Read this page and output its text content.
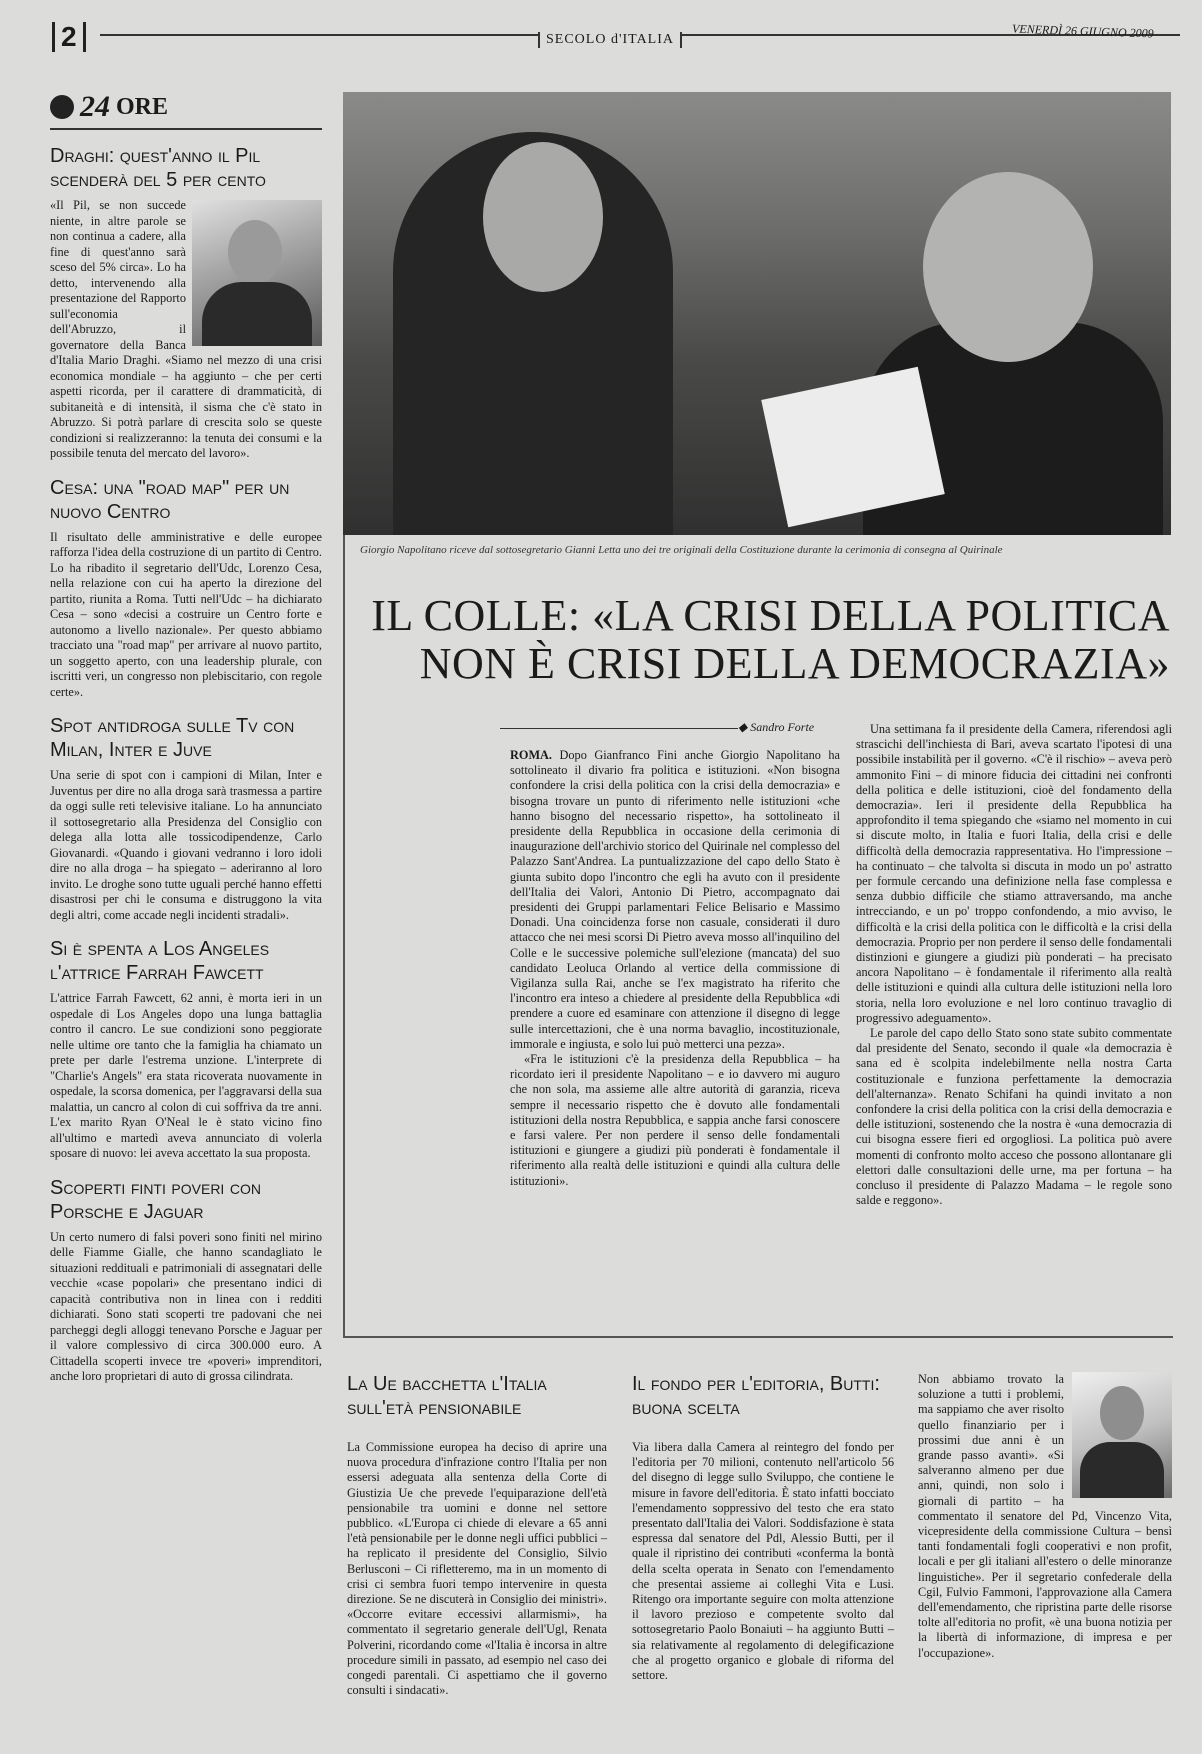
2	SECOLO d'ITALIA	VENERDÌ 26 GIUGNO 2009
24 ORE
Draghi: quest'anno il Pil scenderà del 5 per cento
«Il Pil, se non succede niente, in altre parole se non continua a cadere, alla fine di quest'anno sarà sceso del 5% circa». Lo ha detto, intervenendo alla presentazione del Rapporto sull'economia dell'Abruzzo, il governatore della Banca d'Italia Mario Draghi. «Siamo nel mezzo di una crisi economica mondiale – ha aggiunto – che per certi aspetti ricorda, per il carattere di drammaticità, di subitaneità e di intensità, il sisma che c'è stato in Abruzzo. Si potrà parlare di crescita solo se queste condizioni si realizzeranno: la tenuta dei consumi e la possibile tenuta del mercato del lavoro».
Cesa: una "road map" per un nuovo Centro
Il risultato delle amministrative e delle europee rafforza l'idea della costruzione di un partito di Centro. Lo ha ribadito il segretario dell'Udc, Lorenzo Cesa, nella relazione con cui ha aperto la direzione del partito, riunita a Roma. Tutti nell'Udc – ha dichiarato Cesa – sono «decisi a costruire un Centro forte e autonomo a livello nazionale». Per questo abbiamo tracciato una "road map" per arrivare al nuovo partito, un soggetto aperto, con una leadership plurale, con iscritti veri, un congresso non plebiscitario, con regole certe».
Spot antidroga sulle Tv con Milan, Inter e Juve
Una serie di spot con i campioni di Milan, Inter e Juventus per dire no alla droga sarà trasmessa a partire da oggi sulle reti televisive italiane. Lo ha annunciato il sottosegretario alla Presidenza del Consiglio con delega alla lotta alle tossicodipendenze, Carlo Giovanardi. «Quando i giovani vedranno i loro idoli dire no alla droga – ha spiegato – aderiranno al loro invito. Le droghe sono tutte uguali perché hanno effetti disastrosi per chi le consuma e distruggono la vita degli altri, come accade negli incidenti stradali».
Si è spenta a Los Angeles l'attrice Farrah Fawcett
L'attrice Farrah Fawcett, 62 anni, è morta ieri in un ospedale di Los Angeles dopo una lunga battaglia contro il cancro. Le sue condizioni sono peggiorate nelle ultime ore tanto che la famiglia ha chiamato un prete per darle l'estrema unzione. L'interprete di "Charlie's Angels" era stata ricoverata nuovamente in ospedale, la scorsa domenica, per l'aggravarsi della sua malattia, un cancro al colon di cui soffriva da tre anni. L'ex marito Ryan O'Neal le è stato vicino fino all'ultimo e martedì aveva annunciato di volerla sposare di nuovo: lei aveva accettato la sua proposta.
Scoperti finti poveri con Porsche e Jaguar
Un certo numero di falsi poveri sono finiti nel mirino delle Fiamme Gialle, che hanno scandagliato le situazioni reddituali e patrimoniali di assegnatari delle vecchie «case popolari» che presentano indici di capacità contributiva non in linea con i redditi dichiarati. Sono stati scoperti tre padovani che nei parcheggi degli alloggi tenevano Porsche e Jaguar per il valore complessivo di circa 300.000 euro. A Cittadella scoperti invece tre «poveri» imprenditori, anche loro proprietari di auto di grossa cilindrata.
Giorgio Napolitano riceve dal sottosegretario Gianni Letta uno dei tre originali della Costituzione durante la cerimonia di consegna al Quirinale
IL COLLE: «LA CRISI DELLA POLITICA
NON È CRISI DELLA DEMOCRAZIA»
◆ Sandro Forte

ROMA. Dopo Gianfranco Fini anche Giorgio Napolitano ha sottolineato il divario fra politica e istituzioni. «Non bisogna confondere la crisi della politica con la crisi della democrazia» e bisogna trovare un punto di riferimento nelle istituzioni «che hanno bisogno del necessario rispetto», ha sottolineato il presidente della Repubblica in occasione della cerimonia di inaugurazione dell'archivio storico del Quirinale nel complesso del Palazzo Sant'Andrea. La puntualizzazione del capo dello Stato è giunta subito dopo l'incontro che egli ha avuto con il presidente dell'Italia dei Valori, Antonio Di Pietro, accompagnato dai presidenti dei Gruppi parlamentari Felice Belisario e Massimo Donadi. Una coincidenza forse non casuale, considerati il duro attacco che nei mesi scorsi Di Pietro aveva mosso all'inquilino del Colle e le successive polemiche sull'elezione (mancata) del suo candidato Leoluca Orlando al vertice della commissione di Vigilanza sulla Rai, anche se l'ex magistrato ha riferito che l'incontro era inteso a chiedere al presidente della Repubblica «di prendere a cuore ed esaminare con attenzione il disegno di legge sulle intercettazioni, che è una norma bavaglio, incostituzionale, immorale e ingiusta, e solo lui può metterci una pezza».

«Fra le istituzioni c'è la presidenza della Repubblica – ha ricordato ieri il presidente Napolitano – e io davvero mi auguro che non sola, ma assieme alle altre autorità di garanzia, riceva sempre il necessario rispetto che è dovuto alle fondamentali istituzioni della nostra Repubblica, e sappia anche farsi conoscere e farsi valere. Per non perdere il senso delle fondamentali istituzioni e giungere a giudizi più ponderati è fondamentale il riferimento alla realtà delle istituzioni e quindi alla cultura delle istituzioni».

Una settimana fa il presidente della Camera, riferendosi agli strascichi dell'inchiesta di Bari, aveva scartato l'ipotesi di una possibile instabilità per il governo. «C'è il rischio» – aveva però ammonito Fini – di minore fiducia dei cittadini nei confronti della politica e delle istituzioni, cioè del fondamento della democrazia». Ieri il presidente della Repubblica ha approfondito il tema spiegando che «siamo nel momento in cui si discute molto, in Italia e fuori Italia, della crisi e delle difficoltà della democrazia rappresentativa. Ho l'impressione – ha continuato – che talvolta si discuta in modo un po' astratto per formule cercando una definizione nella fase complessa e senza dubbio difficile che stiamo attraversando, ma anche intrecciando, e un po' troppo confondendo, a mio avviso, le difficoltà e la crisi della politica con le difficoltà e la crisi della democrazia. Proprio per non perdere il senso delle fondamentali distinzioni e giungere a giudizi più ponderati – ha precisato ancora Napolitano – è fondamentale il riferimento alla realtà delle istituzioni e quindi alla cultura delle istituzioni nella loro storia, nella loro evoluzione e nel loro continuo travaglio di progressivo adeguamento».

Le parole del capo dello Stato sono state subito commentate dal presidente del Senato, secondo il quale «la democrazia è sana ed è scolpita indelebilmente nella nostra Carta costituzionale e funziona perfettamente la democrazia dell'alternanza». Renato Schifani ha quindi invitato a non confondere la crisi della politica con la crisi della democrazia e delle istituzioni, sostenendo che la nostra è «una democrazia di cui bisogna essere fieri ed orgogliosi. La politica può avere momenti di confronto molto acceso che possono allontanare gli elettori dalle consultazioni delle urne, ma per fortuna – ha concluso il presidente di Palazzo Madama – le regole sono salde e reggono».

La Ue bacchetta l'Italia sull'età pensionabile
La Commissione europea ha deciso di aprire una nuova procedura d'infrazione contro l'Italia per non essersi adeguata alla sentenza della Corte di Giustizia Ue che prevede l'equiparazione dell'età pensionabile tra uomini e donne nel settore pubblico. «L'Europa ci chiede di elevare a 65 anni l'età pensionabile per le donne negli uffici pubblici – ha replicato il presidente del Consiglio, Silvio Berlusconi – Ci rifletteremo, ma in un momento di crisi ci sembra fuori tempo intervenire in questa direzione. Se ne discuterà in Consiglio dei ministri». «Occorre evitare eccessivi allarmismi», ha commentato il segretario generale dell'Ugl, Renata Polverini, ricordando come «l'Italia è incorsa in altre procedure simili in passato, ad esempio nel caso dei congedi parentali. Ci aspettiamo che il governo consulti i sindacati».
Il fondo per l'editoria, Butti: buona scelta
Via libera dalla Camera al reintegro del fondo per l'editoria per 70 milioni, contenuto nell'articolo 56 del disegno di legge sullo Sviluppo, che contiene le misure in favore dell'editoria. È stato infatti bocciato l'emendamento soppressivo del testo che era stato presentato dall'Italia dei Valori. Soddisfazione è stata espressa dal senatore del Pdl, Alessio Butti, per il quale il ripristino dei contributi «conferma la bontà della scelta operata in Senato con l'emendamento che presentai assieme ai colleghi Vita e Lusi. Ritengo ora importante seguire con molta attenzione il lavoro prezioso e competente svolto dal sottosegretario Paolo Bonaiuti – ha aggiunto Butti – sia relativamente al regolamento di delegificazione che al progetto organico e globale di riforma del settore.
Non abbiamo trovato la soluzione a tutti i problemi, ma sappiamo che aver risolto quello finanziario per i prossimi due anni è un grande passo avanti». «Si salveranno almeno per due anni, quindi, non solo i giornali di partito – ha commentato il senatore del Pd, Vincenzo Vita, vicepresidente della commissione Cultura – bensì tanti fondamentali fogli cooperativi e non profit, locali e per gli italiani all'estero o delle minoranze linguistiche». Per il segretario confederale della Cgil, Fulvio Fammoni, l'approvazione alla Camera dell'emendamento, che ripristina parte delle risorse tolte all'editoria no profit, «è una buona notizia per la libertà di informazione, di impresa e per l'occupazione».
